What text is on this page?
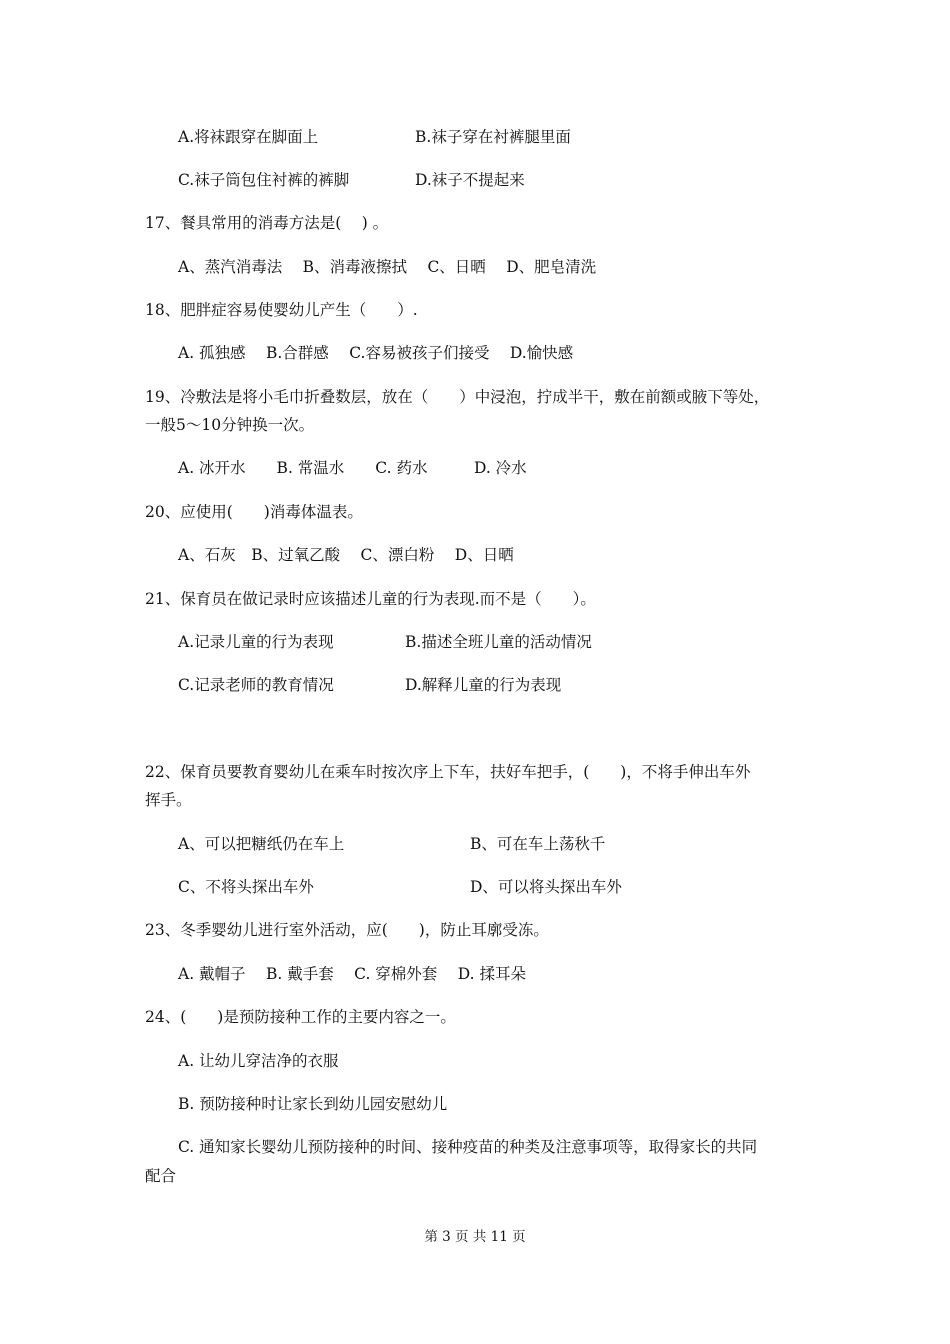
A.将袜跟穿在脚面上	B.袜子穿在衬裤腿里面
C.袜子筒包住衬裤的裤脚	D.袜子不提起来
17、餐具常用的消毒方法是(　 ) 。
A、蒸汽消毒法　 B、消毒液擦拭　 C、日晒　 D、肥皂清洗
18、肥胖症容易使婴幼儿产生（　　）.
A. 孤独感　 B.合群感　 C.容易被孩子们接受　 D.愉快感
19、冷敷法是将小毛巾折叠数层，放在（　　）中浸泡，拧成半干，敷在前额或腋下等处，
一般5～10分钟换一次。
A. 冰开水　　B. 常温水　　C. 药水　　　D. 冷水
20、应使用(　　)消毒体温表。
A、石灰　B、过氧乙酸　 C、漂白粉　 D、日晒
21、保育员在做记录时应该描述儿童的行为表现.而不是（　　）。
A.记录儿童的行为表现	B.描述全班儿童的活动情况
C.记录老师的教育情况	D.解释儿童的行为表现
22、保育员要教育婴幼儿在乘车时按次序上下车，扶好车把手，(　　)，不将手伸出车外
挥手。
A、可以把糖纸仍在车上	B、可在车上荡秋千
C、不将头探出车外	D、可以将头探出车外
23、冬季婴幼儿进行室外活动，应(　　)，防止耳廓受冻。
A. 戴帽子　 B. 戴手套　 C. 穿棉外套　 D. 揉耳朵
24、(　　)是预防接种工作的主要内容之一。
A. 让幼儿穿洁净的衣服
B. 预防接种时让家长到幼儿园安慰幼儿
C. 通知家长婴幼儿预防接种的时间、接种疫苗的种类及注意事项等，取得家长的共同
配合
第 3 页 共 11 页
